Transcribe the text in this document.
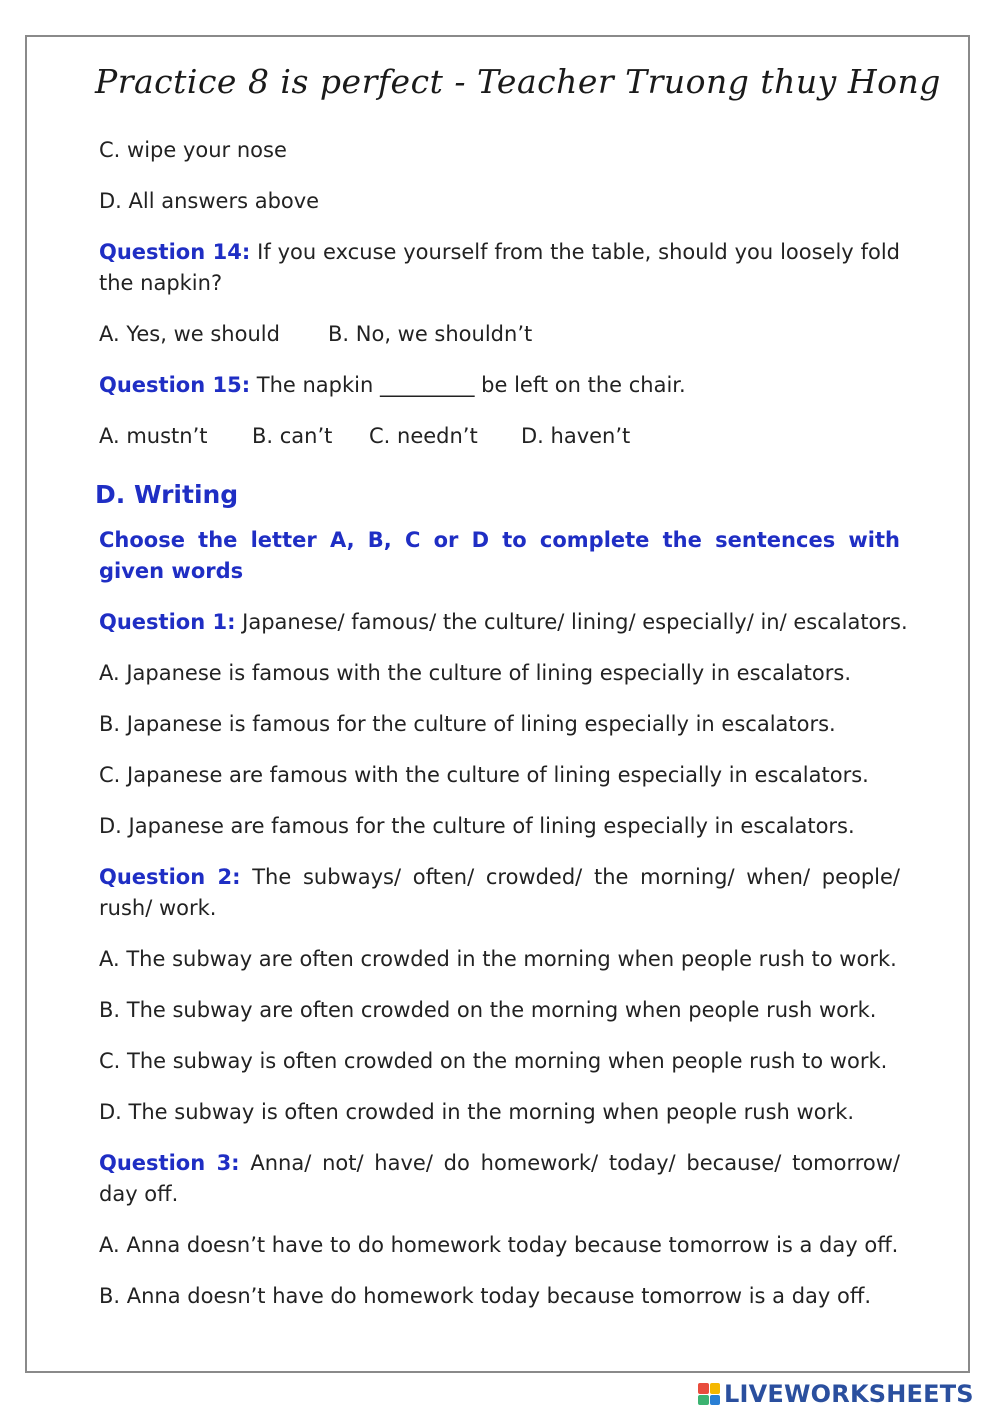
Practice 8 is perfect - Teacher Truong thuy Hong
C. wipe your nose
D. All answers above
Question 14: If you excuse yourself from the table, should you loosely fold the napkin?
A. Yes, we should B. No, we shouldn’t
Question 15: The napkin _________ be left on the chair.
A. mustn’t B. can’t C. needn’t D. haven’t
D. Writing
Choose the letter A, B, C or D to complete the sentences with given words
Question 1: Japanese/ famous/ the culture/ lining/ especially/ in/ escalators.
A. Japanese is famous with the culture of lining especially in escalators.
B. Japanese is famous for the culture of lining especially in escalators.
C. Japanese are famous with the culture of lining especially in escalators.
D. Japanese are famous for the culture of lining especially in escalators.
Question 2: The subways/ often/ crowded/ the morning/ when/ people/ rush/ work.
A. The subway are often crowded in the morning when people rush to work.
B. The subway are often crowded on the morning when people rush work.
C. The subway is often crowded on the morning when people rush to work.
D. The subway is often crowded in the morning when people rush work.
Question 3: Anna/ not/ have/ do homework/ today/ because/ tomorrow/ day off.
A. Anna doesn’t have to do homework today because tomorrow is a day off.
B. Anna doesn’t have do homework today because tomorrow is a day off.
LIVEWORKSHEETS
